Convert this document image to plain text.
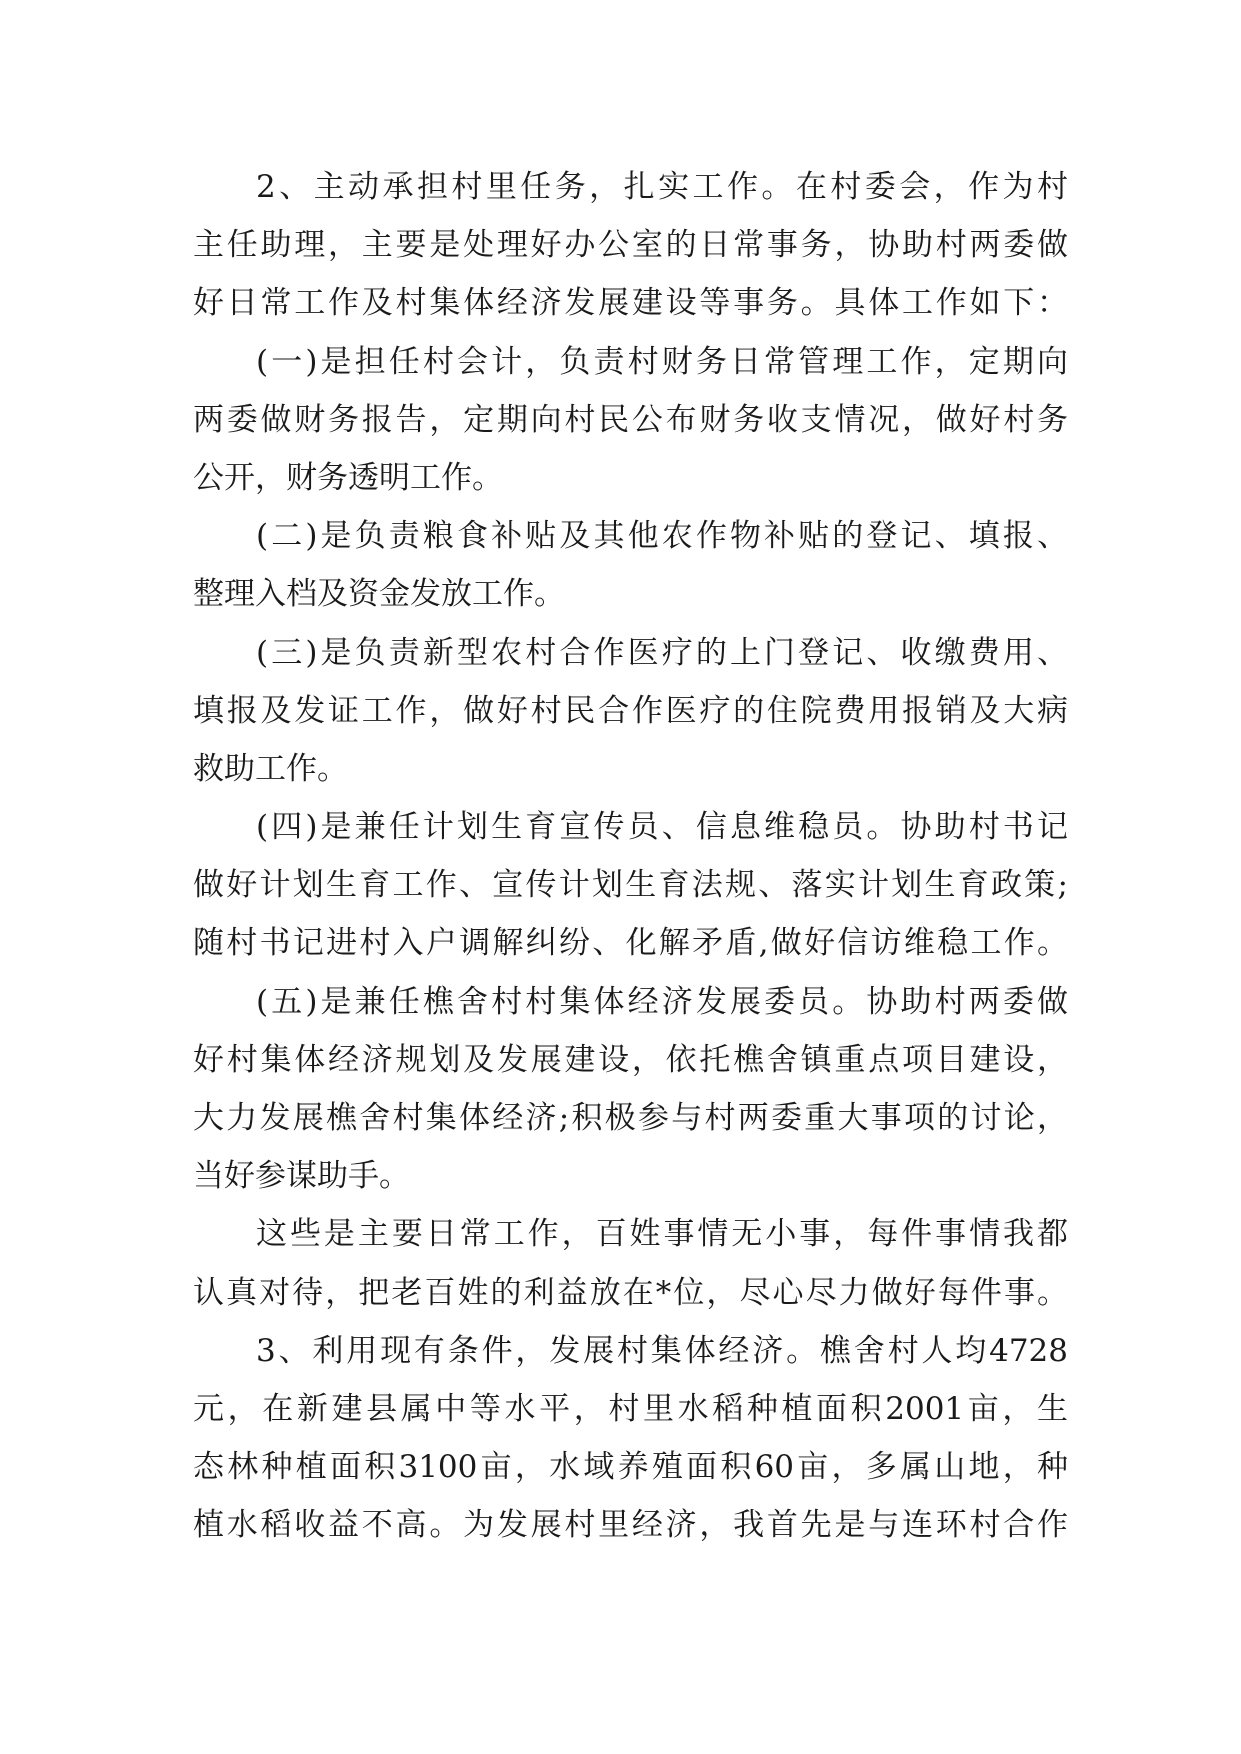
2、主动承担村里任务，扎实工作。在村委会，作为村
主任助理，主要是处理好办公室的日常事务，协助村两委做
好日常工作及村集体经济发展建设等事务。具体工作如下：
(一)是担任村会计，负责村财务日常管理工作，定期向
两委做财务报告，定期向村民公布财务收支情况，做好村务
公开，财务透明工作。
(二)是负责粮食补贴及其他农作物补贴的登记、填报、
整理入档及资金发放工作。
(三)是负责新型农村合作医疗的上门登记、收缴费用、
填报及发证工作，做好村民合作医疗的住院费用报销及大病
救助工作。
(四)是兼任计划生育宣传员、信息维稳员。协助村书记
做好计划生育工作、宣传计划生育法规、落实计划生育政策;
随村书记进村入户调解纠纷、化解矛盾,做好信访维稳工作。
(五)是兼任樵舍村村集体经济发展委员。协助村两委做
好村集体经济规划及发展建设，依托樵舍镇重点项目建设，
大力发展樵舍村集体经济;积极参与村两委重大事项的讨论，
当好参谋助手。
这些是主要日常工作，百姓事情无小事，每件事情我都
认真对待，把老百姓的利益放在*位，尽心尽力做好每件事。
3、利用现有条件，发展村集体经济。樵舍村人均4728
元，在新建县属中等水平，村里水稻种植面积2001亩，生
态林种植面积3100亩，水域养殖面积60亩，多属山地，种
植水稻收益不高。为发展村里经济，我首先是与连环村合作
